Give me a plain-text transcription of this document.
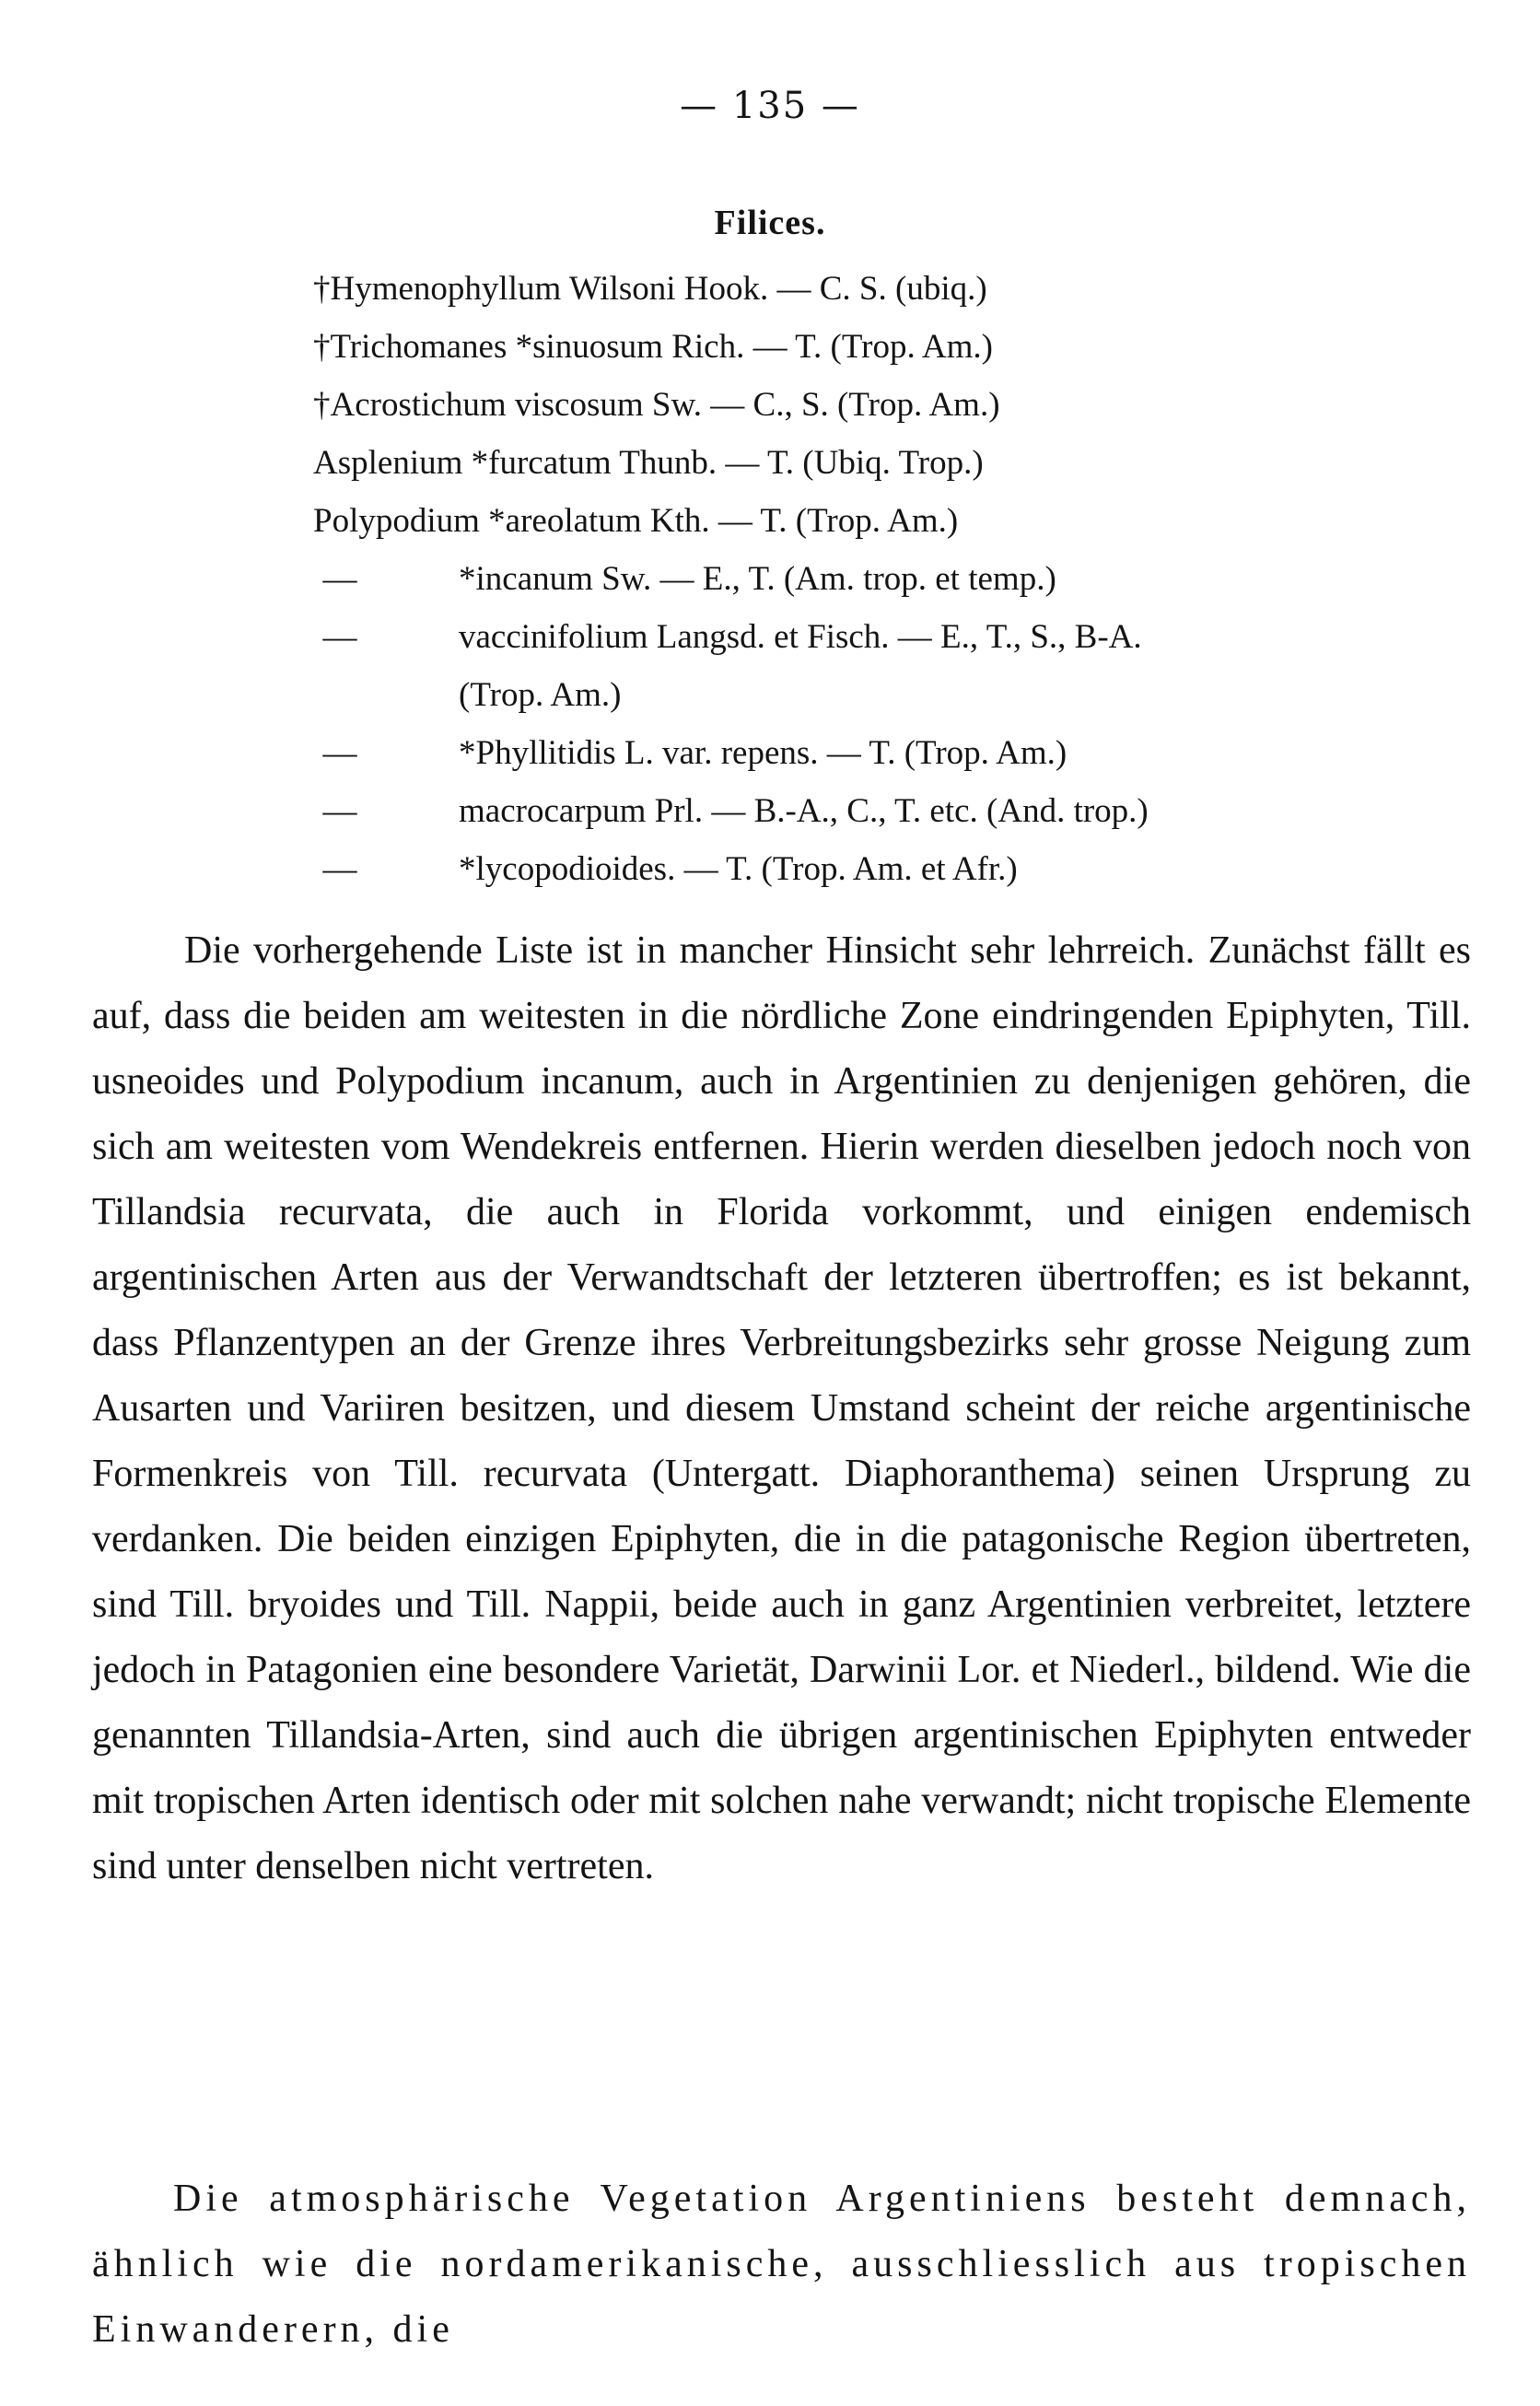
— 135 —
Filices.
†Hymenophyllum Wilsoni Hook. — C. S. (ubiq.)
†Trichomanes *sinuosum Rich. — T. (Trop. Am.)
†Acrostichum viscosum Sw. — C., S. (Trop. Am.)
Asplenium *furcatum Thunb. — T. (Ubiq. Trop.)
Polypodium *areolatum Kth. — T. (Trop. Am.)
—	*incanum Sw. — E., T. (Am. trop. et temp.)
—	vaccinifolium Langsd. et Fisch. — E., T., S., B-A.
(Trop. Am.)
—	*Phyllitidis L. var. repens. — T. (Trop. Am.)
—	macrocarpum Prl. — B.-A., C., T. etc. (And. trop.)
—	*lycopodioides. — T. (Trop. Am. et Afr.)

Die vorhergehende Liste ist in mancher Hinsicht sehr lehrreich. Zunächst fällt es auf, dass die beiden am weitesten in die nördliche Zone eindringenden Epiphyten, Till. usneoides und Polypodium incanum, auch in Argentinien zu denjenigen gehören, die sich am weitesten vom Wendekreis entfernen. Hierin werden dieselben jedoch noch von Tillandsia recurvata, die auch in Florida vorkommt, und einigen endemisch argentinischen Arten aus der Verwandtschaft der letzteren übertroffen; es ist bekannt, dass Pflanzentypen an der Grenze ihres Verbreitungsbezirks sehr grosse Neigung zum Ausarten und Variiren besitzen, und diesem Umstand scheint der reiche argentinische Formenkreis von Till. recurvata (Untergatt. Diaphoranthema) seinen Ursprung zu verdanken. Die beiden einzigen Epiphyten, die in die patagonische Region übertreten, sind Till. bryoides und Till. Nappii, beide auch in ganz Argentinien verbreitet, letztere jedoch in Patagonien eine besondere Varietät, Darwinii Lor. et Niederl., bildend. Wie die genannten Tillandsia-Arten, sind auch die übrigen argentinischen Epiphyten entweder mit tropischen Arten identisch oder mit solchen nahe verwandt; nicht tropische Elemente sind unter denselben nicht vertreten.

Die atmosphärische Vegetation Argentiniens besteht demnach, ähnlich wie die nordamerikanische, ausschliesslich aus tropischen Einwanderern, die
